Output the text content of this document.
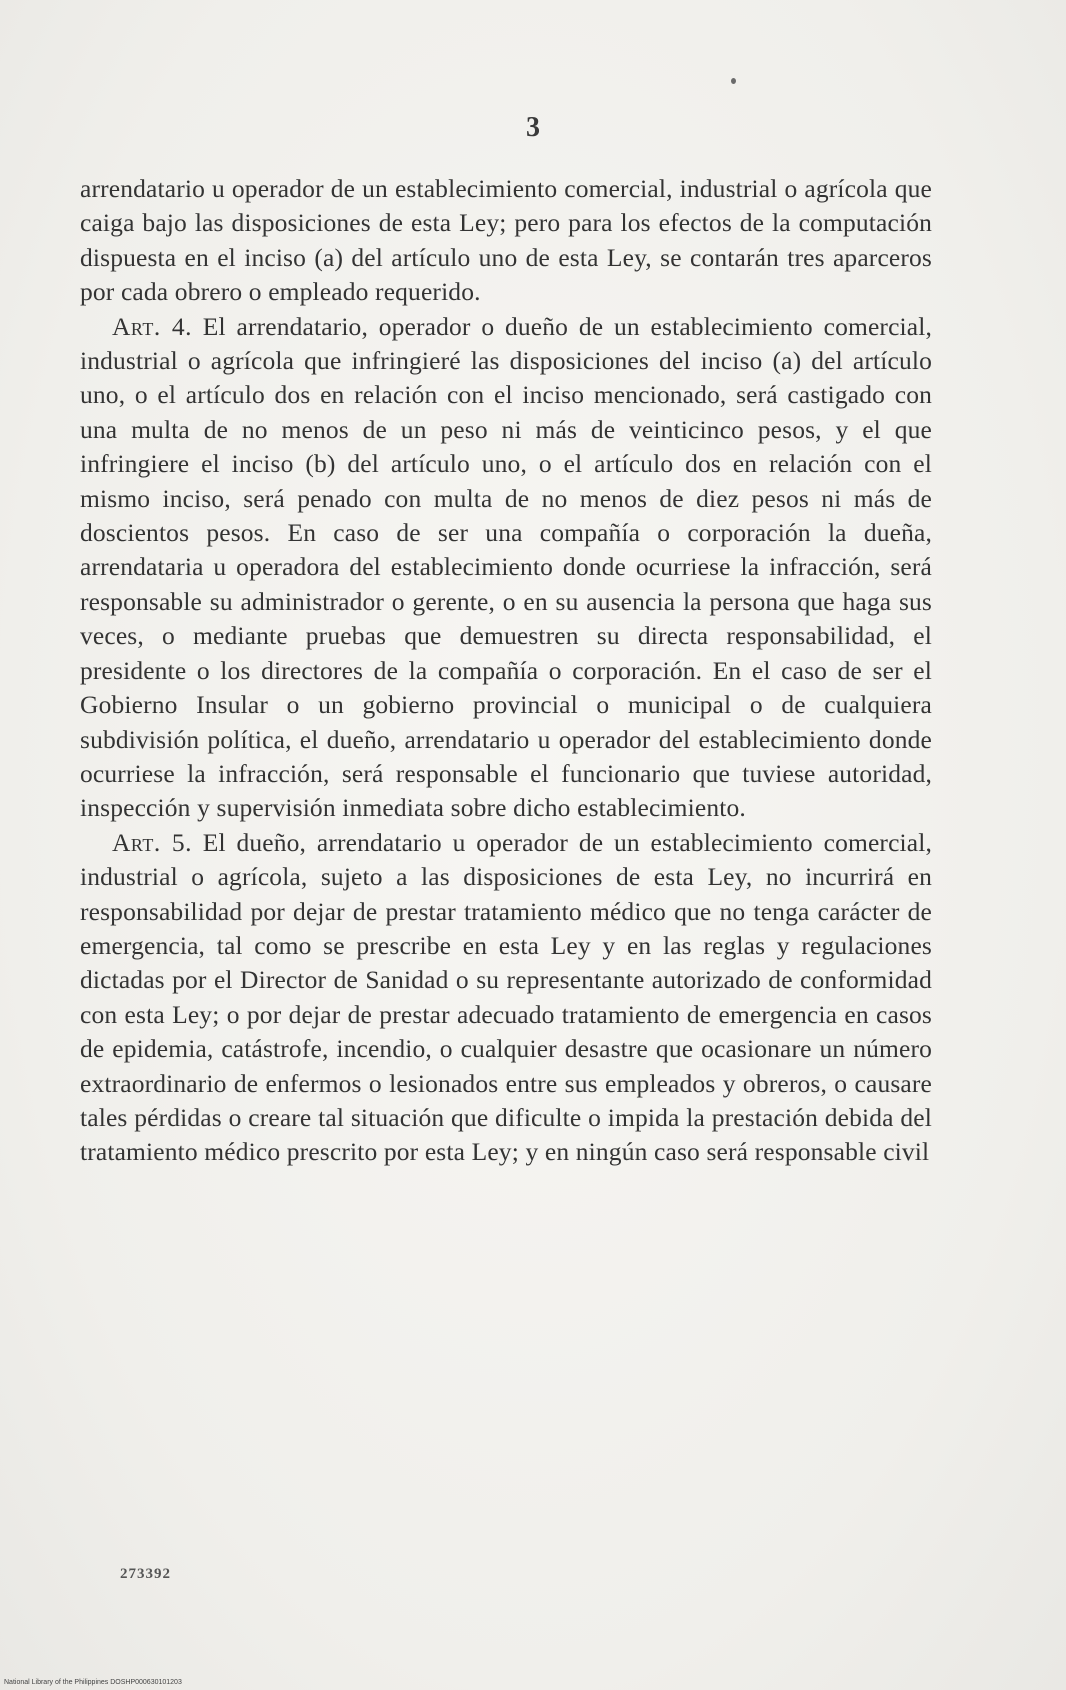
3

arrendatario u operador de un establecimiento comercial, industrial o agrícola que caiga bajo las disposiciones de esta Ley; pero para los efectos de la computación dispuesta en el inciso (a) del artículo uno de esta Ley, se contarán tres aparceros por cada obrero o empleado requerido.

Art. 4. El arrendatario, operador o dueño de un establecimiento comercial, industrial o agrícola que infringieré las disposiciones del inciso (a) del artículo uno, o el artículo dos en relación con el inciso mencionado, será castigado con una multa de no menos de un peso ni más de veinticinco pesos, y el que infringiere el inciso (b) del artículo uno, o el artículo dos en relación con el mismo inciso, será penado con multa de no menos de diez pesos ni más de doscientos pesos. En caso de ser una compañía o corporación la dueña, arrendataria u operadora del establecimiento donde ocurriese la infracción, será responsable su administrador o gerente, o en su ausencia la persona que haga sus veces, o mediante pruebas que demuestren su directa responsabilidad, el presidente o los directores de la compañía o corporación. En el caso de ser el Gobierno Insular o un gobierno provincial o municipal o de cualquiera subdivisión política, el dueño, arrendatario u operador del establecimiento donde ocurriese la infracción, será responsable el funcionario que tuviese autoridad, inspección y supervisión inmediata sobre dicho establecimiento.

Art. 5. El dueño, arrendatario u operador de un establecimiento comercial, industrial o agrícola, sujeto a las disposiciones de esta Ley, no incurrirá en responsabilidad por dejar de prestar tratamiento médico que no tenga carácter de emergencia, tal como se prescribe en esta Ley y en las reglas y regulaciones dictadas por el Director de Sanidad o su representante autorizado de conformidad con esta Ley; o por dejar de prestar adecuado tratamiento de emergencia en casos de epidemia, catástrofe, incendio, o cualquier desastre que ocasionare un número extraordinario de enfermos o lesionados entre sus empleados y obreros, o causare tales pérdidas o creare tal situación que dificulte o impida la prestación debida del tratamiento médico prescrito por esta Ley; y en ningún caso será responsable civil

273392
National Library of the Philippines DOSHP000630101203
